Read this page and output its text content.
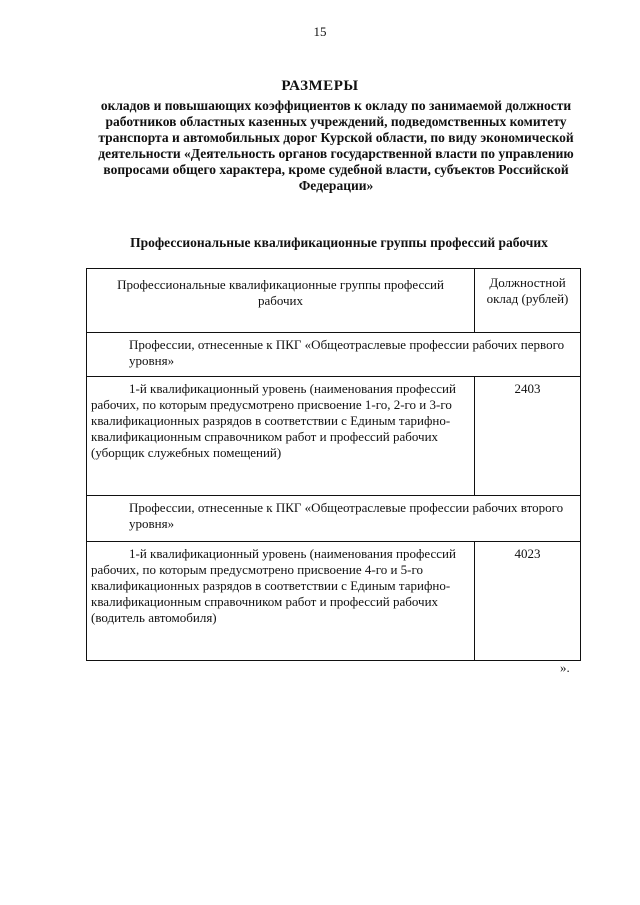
15
РАЗМЕРЫ
окладов и повышающих коэффициентов к окладу по занимаемой должности работников областных казенных учреждений, подведомственных комитету транспорта и автомобильных дорог Курской области, по виду экономической деятельности «Деятельность органов государственной власти по управлению вопросами общего характера, кроме судебной власти, субъектов Российской Федерации»
Профессиональные квалификационные группы профессий рабочих
Профессиональные квалификационные группы профессий рабочих	Должностной оклад (рублей)
Профессии, отнесенные к ПКГ «Общеотраслевые профессии рабочих первого уровня»	
1-й квалификационный уровень (наименования профессий рабочих, по которым предусмотрено присвоение 1-го, 2-го и 3-го квалификационных разрядов в соответствии с Единым тарифно-квалификационным справочником работ и профессий рабочих (уборщик служебных помещений)	2403
Профессии, отнесенные к ПКГ «Общеотраслевые профессии рабочих второго уровня»	
1-й квалификационный уровень (наименования профессий рабочих, по которым предусмотрено присвоение 4-го и 5-го квалификационных разрядов в соответствии с Единым тарифно-квалификационным справочником работ и профессий рабочих (водитель автомобиля)	4023
».
